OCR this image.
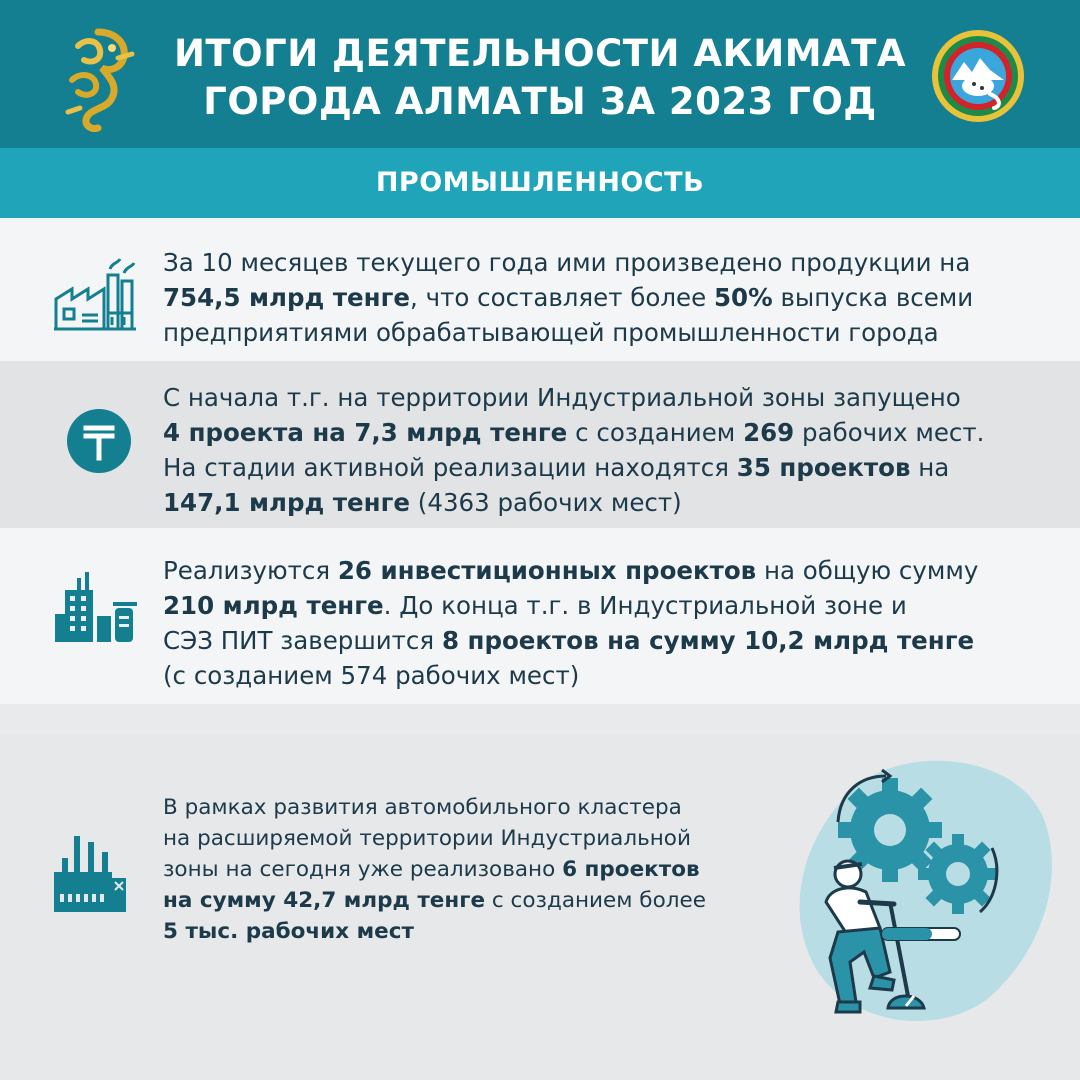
ИТОГИ ДЕЯТЕЛЬНОСТИ АКИМАТА
ГОРОДА АЛМАТЫ ЗА 2023 ГОД
ПРОМЫШЛЕННОСТЬ
За 10 месяцев текущего года ими произведено продукции на
754,5 млрд тенге, что составляет более 50% выпуска всеми
предприятиями обрабатывающей промышленности города
С начала т.г. на территории Индустриальной зоны запущено
4 проекта на 7,3 млрд тенге с созданием 269 рабочих мест.
На стадии активной реализации находятся 35 проектов на
147,1 млрд тенге (4363 рабочих мест)
Реализуются 26 инвестиционных проектов на общую сумму
210 млрд тенге. До конца т.г. в Индустриальной зоне и
СЭЗ ПИТ завершится 8 проектов на сумму 10,2 млрд тенге
(с созданием 574 рабочих мест)
В рамках развития автомобильного кластера
на расширяемой территории Индустриальной
зоны на сегодня уже реализовано 6 проектов
на сумму 42,7 млрд тенге с созданием более
5 тыс. рабочих мест
